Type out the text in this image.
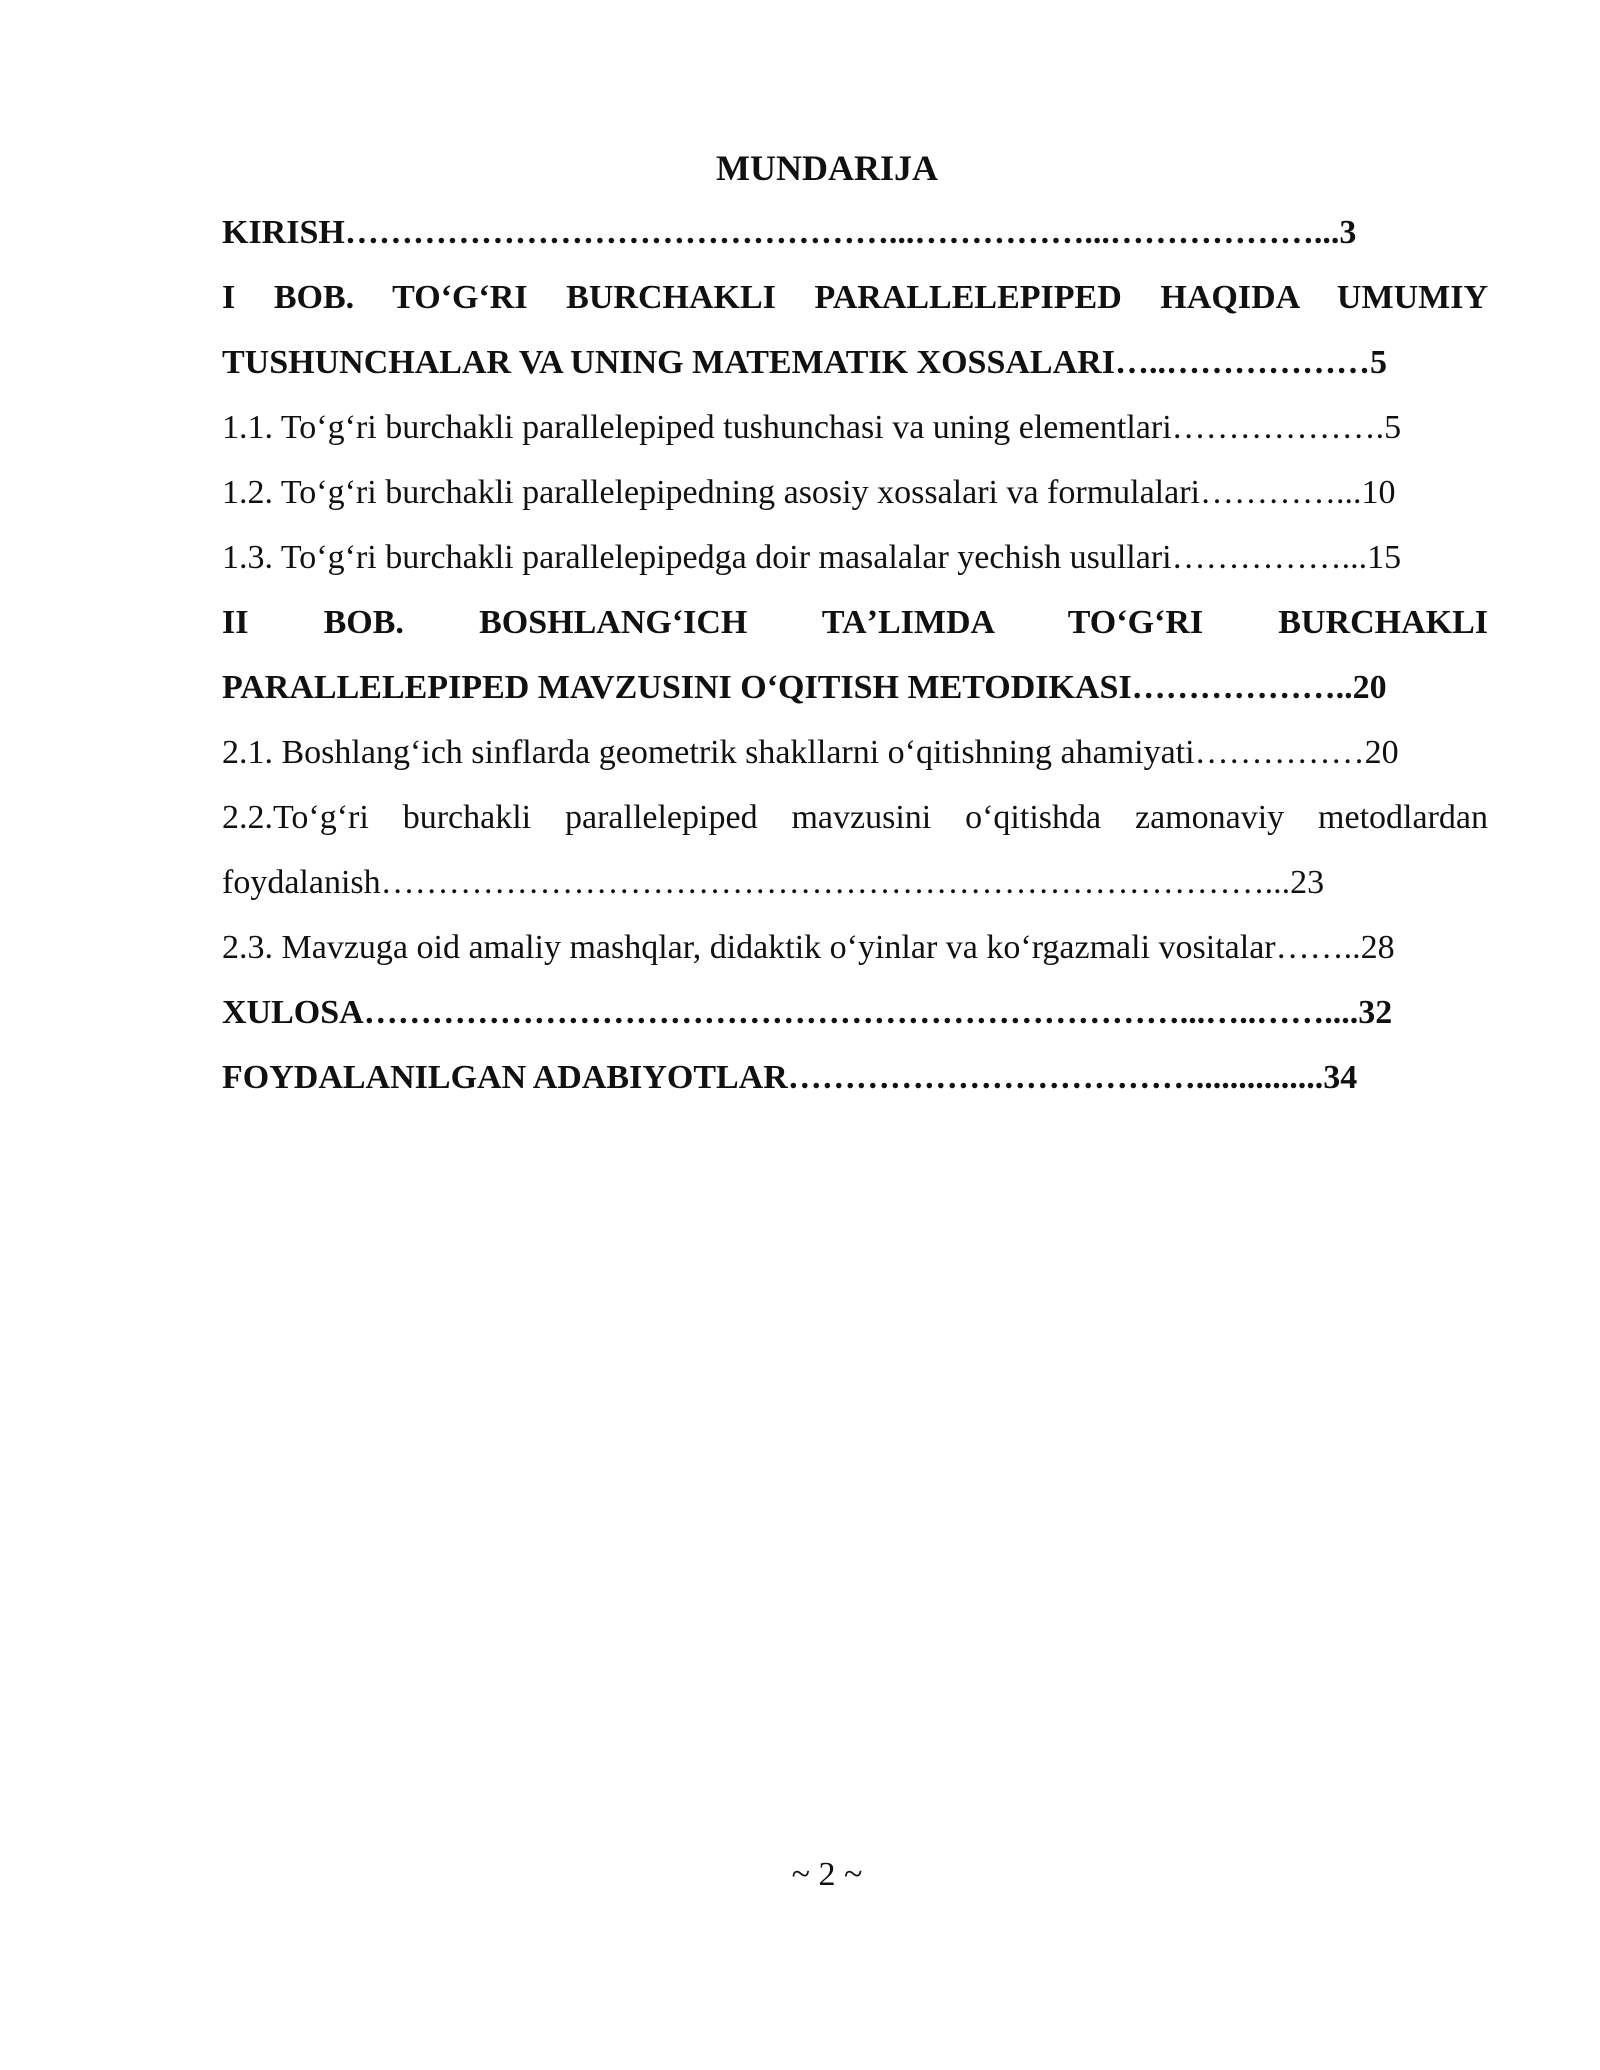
MUNDARIJA
KIRISH…………………………………………...……………...………………...3
I BOB. TOʻGʻRI BURCHAKLI PARALLELEPIPED HAQIDA UMUMIY
TUSHUNCHALAR VA UNING MATEMATIK XOSSALARI…..………………5
1.1. Toʻgʻri burchakli parallelepiped tushunchasi va uning elementlari……………….5
1.2. Toʻgʻri burchakli parallelepipedning asosiy xossalari va formulalari…………...10
1.3. Toʻgʻri burchakli parallelepipedga doir masalalar yechish usullari……………...15
II BOB. BOSHLANGʻICH TAʼLIMDA TOʻGʻRI BURCHAKLI
PARALLELEPIPED MAVZUSINI OʻQITISH METODIKASI………………..20
2.1. Boshlangʻich sinflarda geometrik shakllarni oʻqitishning ahamiyati……………20
2.2.Toʻgʻri burchakli parallelepiped mavzusini oʻqitishda zamonaviy metodlardan
foydalanish……………………………………………………………………...23
2.3. Mavzuga oid amaliy mashqlar, didaktik oʻyinlar va koʻrgazmali vositalar……..28
XULOSA………………………………………………………………...…..……....32
FOYDALANILGAN ADABIYOTLAR………………………………...............34
~ 2 ~
